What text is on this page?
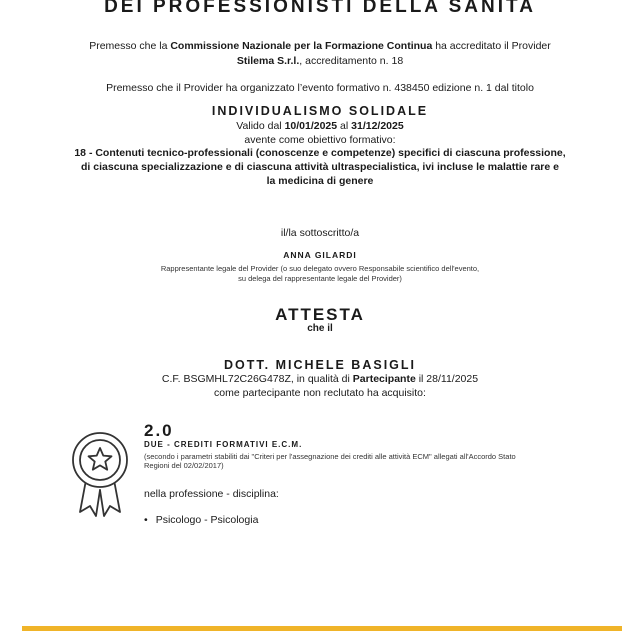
DEI PROFESSIONISTI DELLA SANITA
Premesso che la Commissione Nazionale per la Formazione Continua ha accreditato il Provider
Stilema S.r.l., accreditamento n. 18
Premesso che il Provider ha organizzato l’evento formativo n. 438450 edizione n. 1 dal titolo
INDIVIDUALISMO SOLIDALE
Valido dal 10/01/2025 al 31/12/2025
avente come obiettivo formativo:
18 - Contenuti tecnico-professionali (conoscenze e competenze) specifici di ciascuna professione,
di ciascuna specializzazione e di ciascuna attività ultraspecialistica, ivi incluse le malattie rare e
la medicina di genere
il/la sottoscritto/a
ANNA GILARDI
Rappresentante legale del Provider (o suo delegato ovvero Responsabile scientifico dell'evento,
su delega del rappresentante legale del Provider)
ATTESTA
che il
DOTT. MICHELE BASIGLI
C.F. BSGMHL72C26G478Z, in qualità di Partecipante il 28/11/2025
come partecipante non reclutato ha acquisito:
2.0
DUE - CREDITI FORMATIVI E.C.M.
(secondo i parametri stabiliti dai "Criteri per l'assegnazione dei crediti alle attività ECM" allegati all'Accordo Stato
Regioni del 02/02/2017)
nella professione - disciplina:
• Psicologo - Psicologia
